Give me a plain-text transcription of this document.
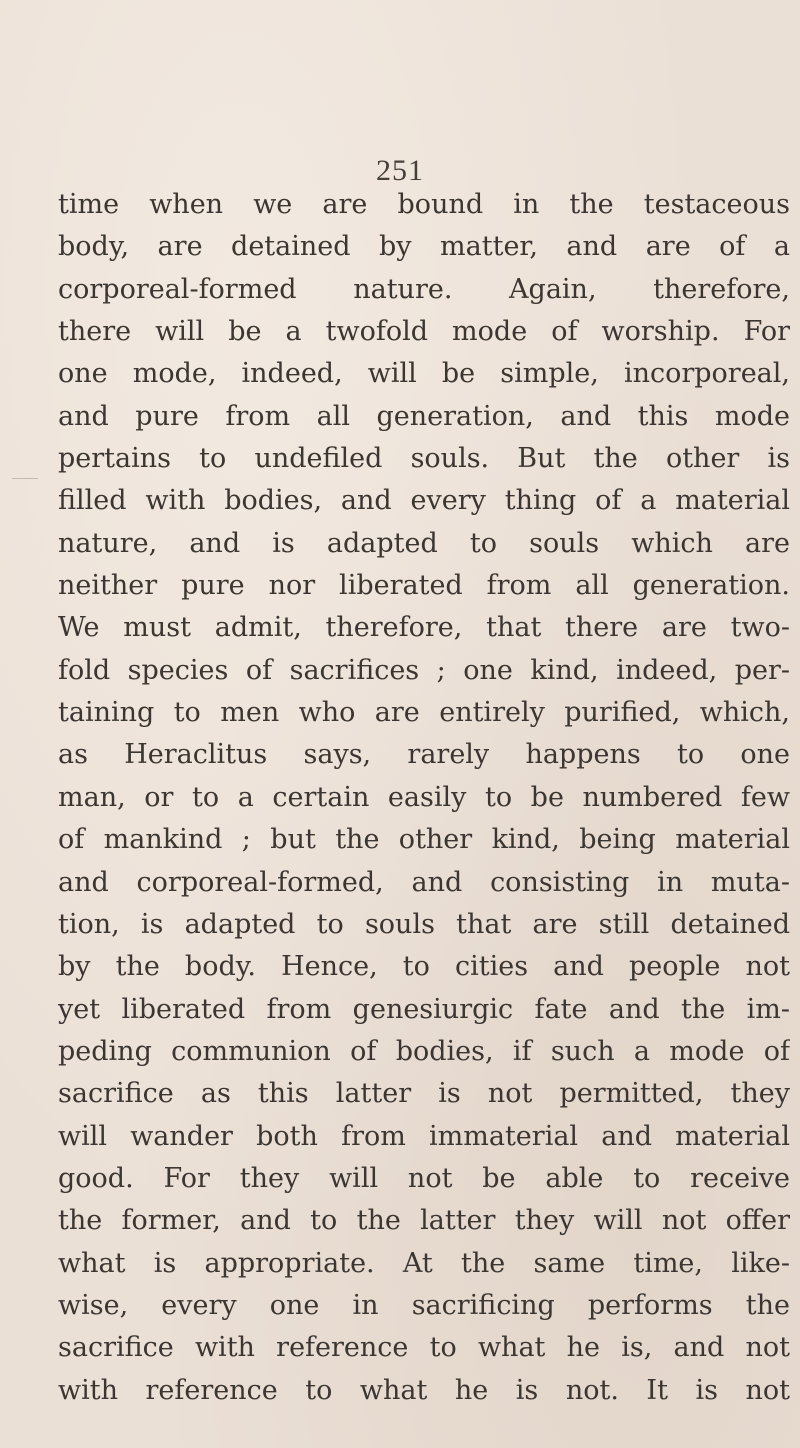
251
time when we are bound in the testaceous
body, are detained by matter, and are of a
corporeal-formed nature. Again, therefore,
there will be a twofold mode of worship. For
one mode, indeed, will be simple, incorporeal,
and pure from all generation, and this mode
pertains to undefiled souls. But the other is
filled with bodies, and every thing of a material
nature, and is adapted to souls which are
neither pure nor liberated from all generation.
We must admit, therefore, that there are two-
fold species of sacrifices ; one kind, indeed, per-
taining to men who are entirely purified, which,
as Heraclitus says, rarely happens to one
man, or to a certain easily to be numbered few
of mankind ; but the other kind, being material
and corporeal-formed, and consisting in muta-
tion, is adapted to souls that are still detained
by the body. Hence, to cities and people not
yet liberated from genesiurgic fate and the im-
peding communion of bodies, if such a mode of
sacrifice as this latter is not permitted, they
will wander both from immaterial and material
good. For they will not be able to receive
the former, and to the latter they will not offer
what is appropriate. At the same time, like-
wise, every one in sacrificing performs the
sacrifice with reference to what he is, and not
with reference to what he is not. It is not
